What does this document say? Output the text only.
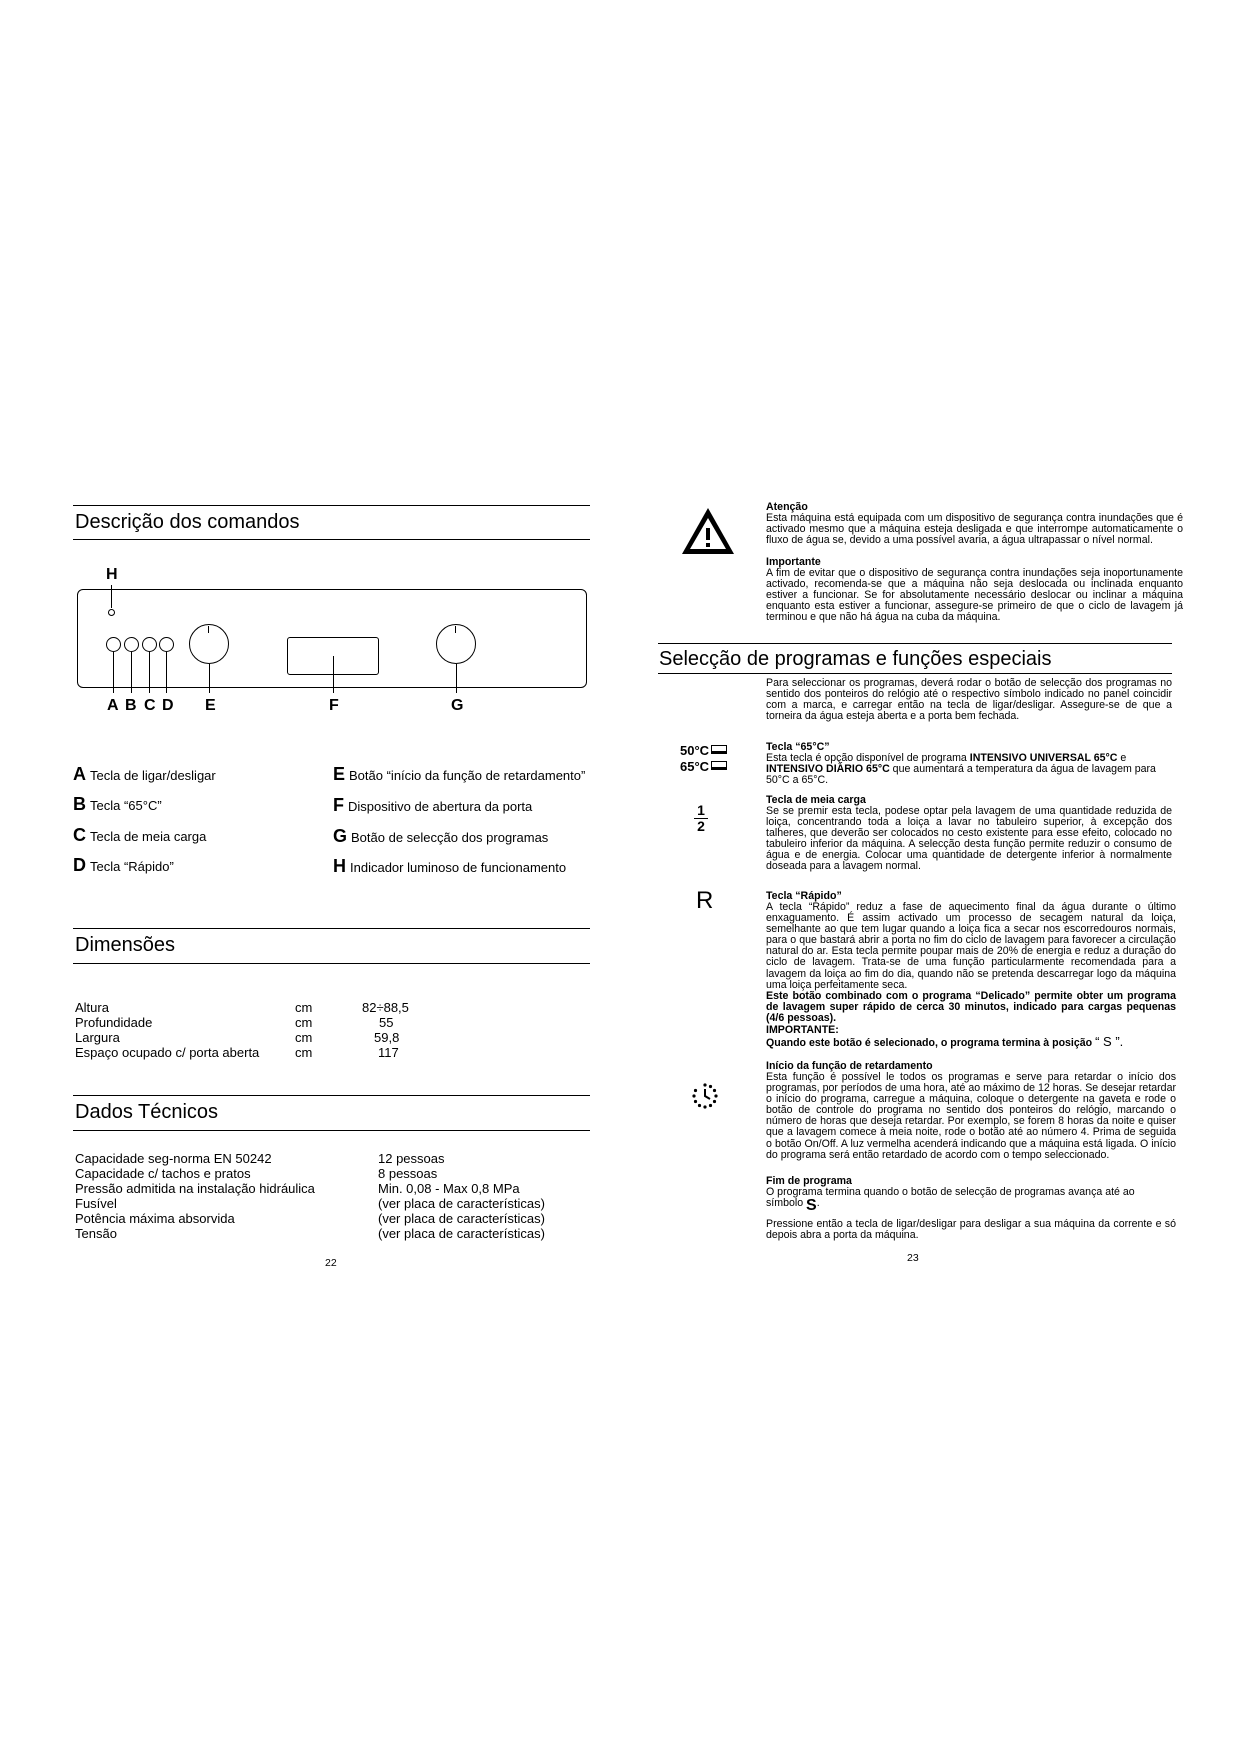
Descrição dos comandos
H
A B C D E	F	G
A Tecla de ligar/desligar
B Tecla “65°C”
C Tecla de meia carga
D Tecla “Rápido”
E Botão “início da função de retardamento”
F Dispositivo de abertura da porta
G Botão de selecção dos programas
H Indicador luminoso de funcionamento
Dimensões
Altura	cm	82÷88,5
Profundidade	cm	55
Largura	cm	59,8
Espaço ocupado c/ porta aberta	cm	117
Dados Técnicos
Capacidade seg-norma EN 50242	12 pessoas
Capacidade c/ tachos e pratos	8 pessoas
Pressão admitida na instalação hidráulica	Min. 0,08 - Max 0,8 MPa
Fusível	(ver placa de características)
Potência máxima absorvida	(ver placa de características)
Tensão	(ver placa de características)
22
Atenção
Esta máquina está equipada com um dispositivo de segurança contra inundações que é activado mesmo que a máquina esteja desligada e que interrompe automaticamente o fluxo de água se, devido a uma possível avaria, a água ultrapassar o nível normal.
Importante
A fim de evitar que o dispositivo de segurança contra inundações seja inoportunamente activado, recomenda-se que a máquina não seja deslocada ou inclinada enquanto estiver a funcionar. Se for absolutamente necessário deslocar ou inclinar a máquina enquanto esta estiver a funcionar, assegure-se primeiro de que o ciclo de lavagem já terminou e que não há água na cuba da máquina.
Selecção de programas e funções especiais
Para seleccionar os programas, deverá rodar o botão de selecção dos programas no sentido dos ponteiros do relógio até o respectivo símbolo indicado no panel coincidir com a marca, e carregar então na tecla de ligar/desligar. Assegure-se de que a torneira da água esteja aberta e a porta bem fechada.
50°C
65°C
Tecla “65°C”
Esta tecla é opção disponível de programa INTENSIVO UNIVERSAL 65°C e INTENSIVO DIÁRIO 65°C que aumentará a temperatura da água de lavagem para 50°C a 65°C.
1
2
Tecla de meia carga
Se se premir esta tecla, podese optar pela lavagem de uma quantidade reduzida de loiça, concentrando toda a loiça a lavar no tabuleiro superior, à excepção dos talheres, que deverão ser colocados no cesto existente para esse efeito, colocado no tabuleiro inferior da máquina. A selecção desta função permite reduzir o consumo de água e de energia. Colocar uma quantidade de detergente inferior à normalmente doseada para a lavagem normal.
R	Tecla “Rápido”
A tecla “Rápido” reduz a fase de aquecimento final da água durante o último enxaguamento. É assim activado um processo de secagem natural da loiça, semelhante ao que tem lugar quando a loiça fica a secar nos escorredouros normais, para o que bastará abrir a porta no fim do ciclo de lavagem para favorecer a circulação natural do ar. Esta tecla permite poupar mais de 20% de energia e reduz a duração do ciclo de lavagem. Trata-se de uma função particularmente recomendada para a lavagem da loiça ao fim do dia, quando não se pretenda descarregar logo da máquina uma loiça perfeitamente seca.
Este botão combinado com o programa “Delicado” permite obter um programa de lavagem super rápido de cerca 30 minutos, indicado para cargas pequenas (4/6 pessoas).
IMPORTANTE:
Quando este botão é selecionado, o programa termina à posição “ S ”.
Início da função de retardamento
Esta função é possível le todos os programas e serve para retardar o início dos programas, por períodos de uma hora, até ao máximo de 12 horas. Se desejar retardar o início do programa, carregue a máquina, coloque o detergente na gaveta e rode o botão de controle do programa no sentido dos ponteiros do relógio, marcando o número de horas que deseja retardar. Por exemplo, se forem 8 horas da noite e quiser que a lavagem comece à meia noite, rode o botão até ao número 4. Prima de seguida o botão On/Off. A luz vermelha acenderá indicando que a máquina está ligada. O início do programa será então retardado de acordo com o tempo seleccionado.
Fim de programa
O programa termina quando o botão de selecção de programas avança até ao símbolo S.
Pressione então a tecla de ligar/desligar para desligar a sua máquina da corrente e só depois abra a porta da máquina.
23
